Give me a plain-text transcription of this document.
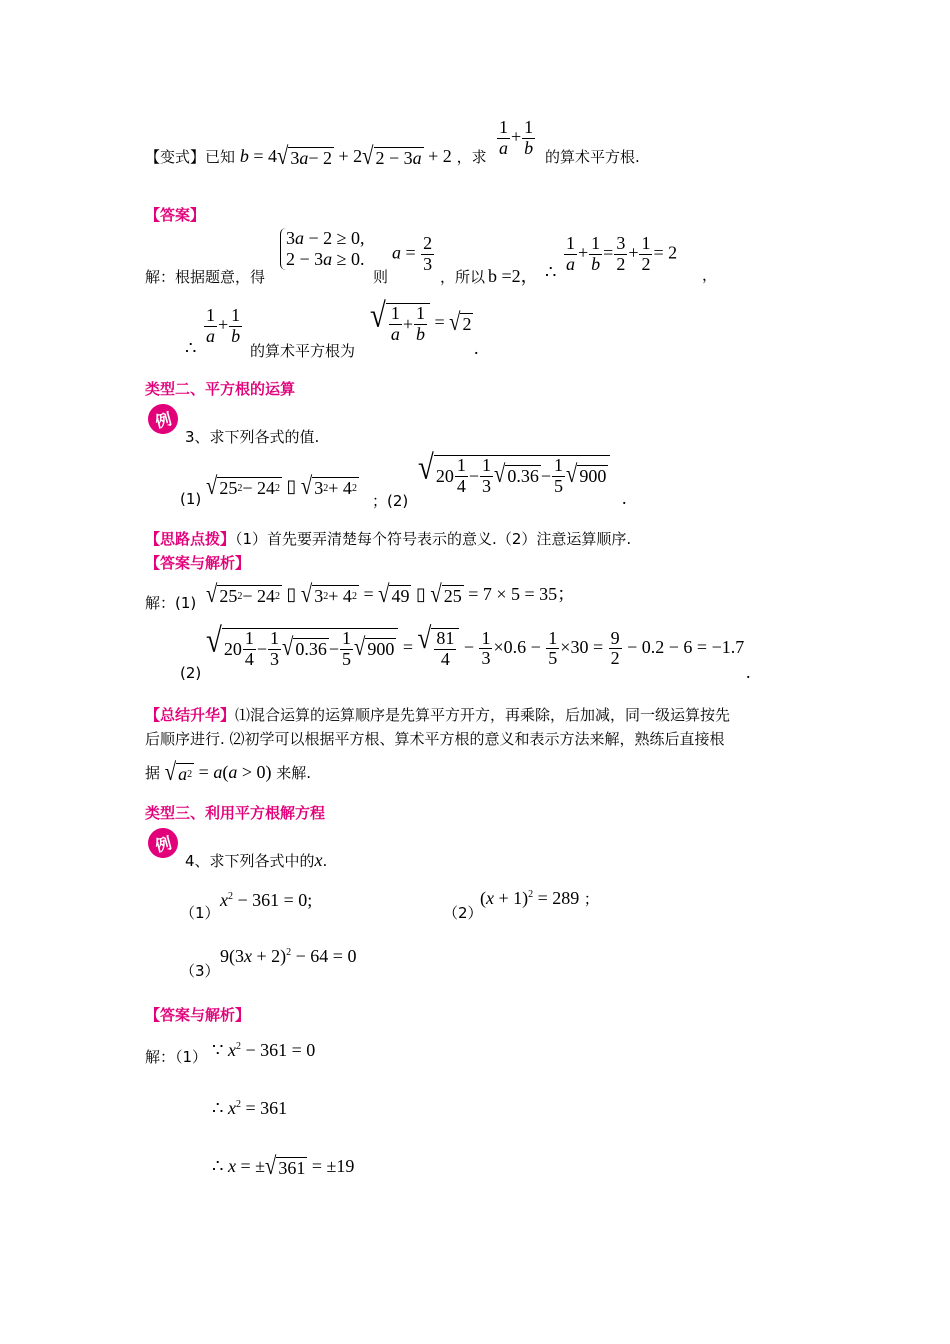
【变式】已知 b = 4 √ 3 a − 2 + 2 √ 2 − 3 a + 2 ，求 $\frac{1}{a} + \frac{1}{b}$ 的算术平方根.
【答案】
解：根据题意，得
3a − 2 ≥ 0,
2 − 3a ≥ 0.
则
$a = \frac{2}{3}$
，所以 b =2， ∴ $\frac{1}{a} + \frac{1}{b} = \frac{3}{2} + \frac{1}{2} = 2$
，
∴
$\frac{1}{a} + \frac{1}{b}$
的算术平方根为
√ $\frac{1}{a} + \frac{1}{b}$ = √ 2
.
类型二、平方根的运算
例
3、求下列各式的值.
(1) √ 25 2 − 24 2 ▯ √ 3 2 + 4 2
；(2)
√ $20 \frac{1}{4} - \frac{1}{3}$ √ $0.36 - \frac{1}{5}$ √ 900
.
【思路点拨】（1）首先要弄清楚每个符号表示的意义.（2）注意运算顺序.
【答案与解析】
解：(1) √ 25 2 − 24 2 ▯ √ 3 2 + 4 2 = √ 49 ▯ √ 25 = 7 × 5 = 35；
(2)
√ $20 \frac{1}{4} - \frac{1}{3}$ √ $0.36 - \frac{1}{5}$ √ 900 = √ $\frac{81}{4} - \frac{1}{3} \times 0.6 - \frac{1}{5} \times 30 = \frac{9}{2} - 0.2 - 6 = -1.7$
.
【总结升华】⑴混合运算的运算顺序是先算平方开方，再乘除，后加减，同一级运算按先
后顺序进行. ⑵初学可以根据平方根、算术平方根的意义和表示方法来解，熟练后直接根
据 √ a 2 = a(a > 0) 来解.
类型三、利用平方根解方程
例
4、求下列各式中的x.
（1）
$x^2 - 361 = 0$;
（2）
$(x + 1)^2 = 289$ ；
（3）
$9(3x + 2)^2 - 64 = 0$
【答案与解析】
解：（1） ∵ $x^2 - 361 = 0$
∴ $x^2 = 361$
∴ x = ± √ 361 = ±19
